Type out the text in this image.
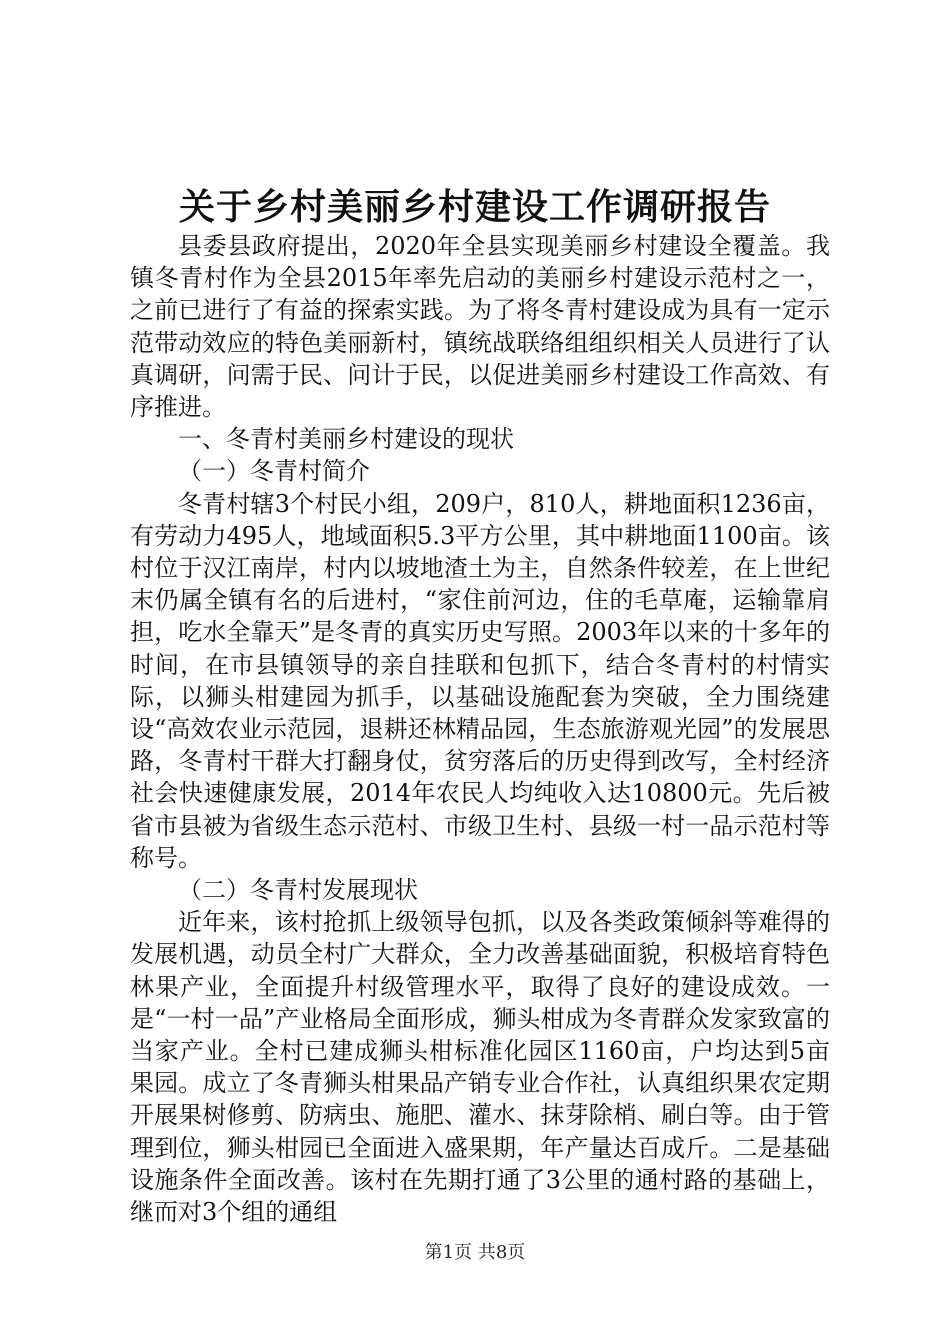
关于乡村美丽乡村建设工作调研报告

县委县政府提出，2020年全县实现美丽乡村建设全覆盖。我镇冬青村作为全县2015年率先启动的美丽乡村建设示范村之一，之前已进行了有益的探索实践。为了将冬青村建设成为具有一定示范带动效应的特色美丽新村，镇统战联络组组织相关人员进行了认真调研，问需于民、问计于民，以促进美丽乡村建设工作高效、有序推进。

一、冬青村美丽乡村建设的现状

（一）冬青村简介

冬青村辖3个村民小组，209户，810人，耕地面积1236亩，有劳动力495人，地域面积5.3平方公里，其中耕地面1100亩。该村位于汉江南岸，村内以坡地渣土为主，自然条件较差，在上世纪末仍属全镇有名的后进村，“家住前河边，住的毛草庵，运输靠肩担，吃水全靠天”是冬青的真实历史写照。2003年以来的十多年的时间，在市县镇领导的亲自挂联和包抓下，结合冬青村的村情实际，以狮头柑建园为抓手，以基础设施配套为突破，全力围绕建设“高效农业示范园，退耕还林精品园，生态旅游观光园”的发展思路，冬青村干群大打翻身仗，贫穷落后的历史得到改写，全村经济社会快速健康发展，2014年农民人均纯收入达10800元。先后被省市县被为省级生态示范村、市级卫生村、县级一村一品示范村等称号。

（二）冬青村发展现状

近年来，该村抢抓上级领导包抓，以及各类政策倾斜等难得的发展机遇，动员全村广大群众，全力改善基础面貌，积极培育特色林果产业，全面提升村级管理水平，取得了良好的建设成效。一是“一村一品”产业格局全面形成，狮头柑成为冬青群众发家致富的当家产业。全村已建成狮头柑标准化园区1160亩，户均达到5亩果园。成立了冬青狮头柑果品产销专业合作社，认真组织果农定期开展果树修剪、防病虫、施肥、灌水、抹芽除梢、刷白等。由于管理到位，狮头柑园已全面进入盛果期，年产量达百成斤。二是基础设施条件全面改善。该村在先期打通了3公里的通村路的基础上，继而对3个组的通组

第1页 共8页
